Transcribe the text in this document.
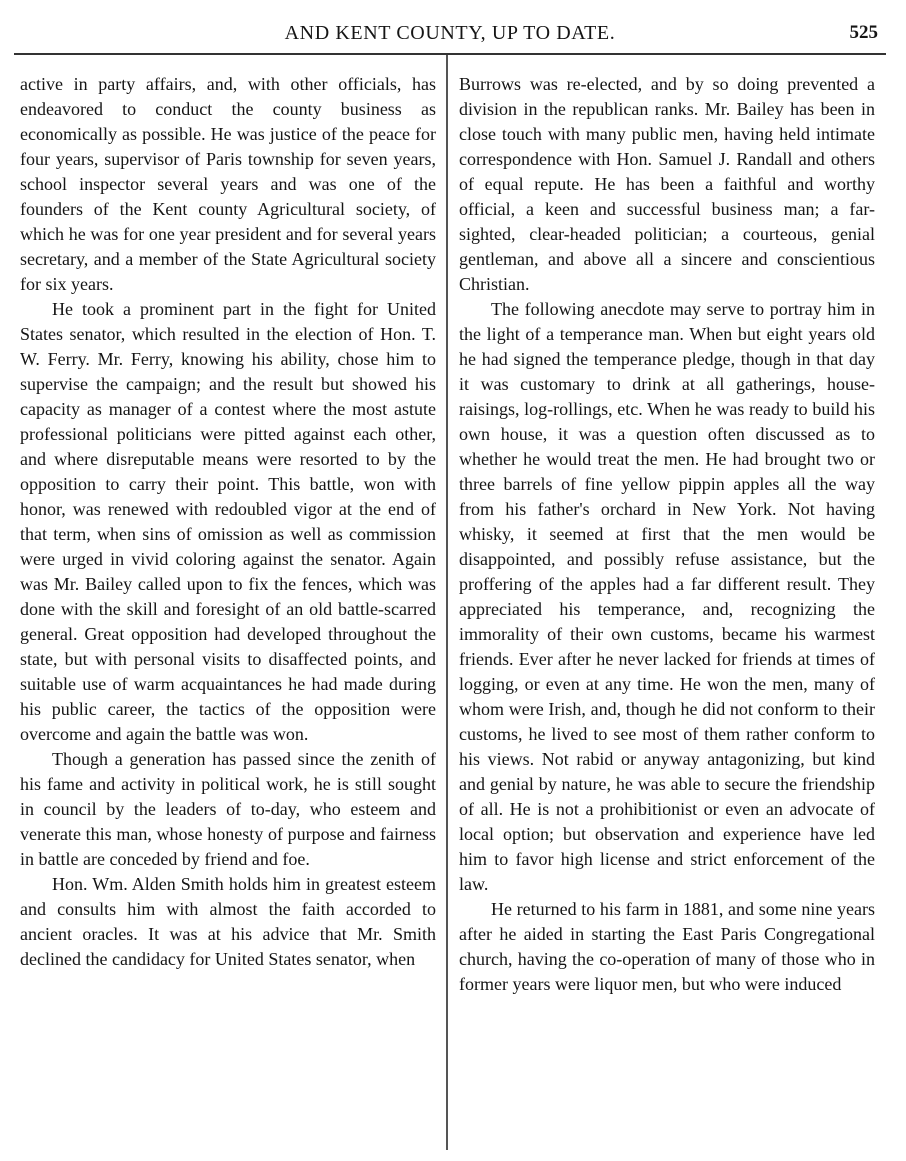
AND KENT COUNTY, UP TO DATE.	525

active in party affairs, and, with other officials, has endeavored to conduct the county business as economically as possible. He was justice of the peace for four years, supervisor of Paris township for seven years, school inspector several years and was one of the founders of the Kent county Agricultural society, of which he was for one year president and for several years secretary, and a member of the State Agricultural society for six years.

He took a prominent part in the fight for United States senator, which resulted in the election of Hon. T. W. Ferry. Mr. Ferry, knowing his ability, chose him to supervise the campaign; and the result but showed his capacity as manager of a contest where the most astute professional politicians were pitted against each other, and where disreputable means were resorted to by the opposition to carry their point. This battle, won with honor, was renewed with redoubled vigor at the end of that term, when sins of omission as well as commission were urged in vivid coloring against the senator. Again was Mr. Bailey called upon to fix the fences, which was done with the skill and foresight of an old battle-scarred general. Great opposition had developed throughout the state, but with personal visits to disaffected points, and suitable use of warm acquaintances he had made during his public career, the tactics of the opposition were overcome and again the battle was won.

Though a generation has passed since the zenith of his fame and activity in political work, he is still sought in council by the leaders of to-day, who esteem and venerate this man, whose honesty of purpose and fairness in battle are conceded by friend and foe.

Hon. Wm. Alden Smith holds him in greatest esteem and consults him with almost the faith accorded to ancient oracles. It was at his advice that Mr. Smith declined the candidacy for United States senator, when

Burrows was re-elected, and by so doing prevented a division in the republican ranks. Mr. Bailey has been in close touch with many public men, having held intimate correspondence with Hon. Samuel J. Randall and others of equal repute. He has been a faithful and worthy official, a keen and successful business man; a far-sighted, clear-headed politician; a courteous, genial gentleman, and above all a sincere and conscientious Christian.

The following anecdote may serve to portray him in the light of a temperance man. When but eight years old he had signed the temperance pledge, though in that day it was customary to drink at all gatherings, house-raisings, log-rollings, etc. When he was ready to build his own house, it was a question often discussed as to whether he would treat the men. He had brought two or three barrels of fine yellow pippin apples all the way from his father's orchard in New York. Not having whisky, it seemed at first that the men would be disappointed, and possibly refuse assistance, but the proffering of the apples had a far different result. They appreciated his temperance, and, recognizing the immorality of their own customs, became his warmest friends. Ever after he never lacked for friends at times of logging, or even at any time. He won the men, many of whom were Irish, and, though he did not conform to their customs, he lived to see most of them rather conform to his views. Not rabid or anyway antagonizing, but kind and genial by nature, he was able to secure the friendship of all. He is not a prohibitionist or even an advocate of local option; but observation and experience have led him to favor high license and strict enforcement of the law.

He returned to his farm in 1881, and some nine years after he aided in starting the East Paris Congregational church, having the co-operation of many of those who in former years were liquor men, but who were induced
